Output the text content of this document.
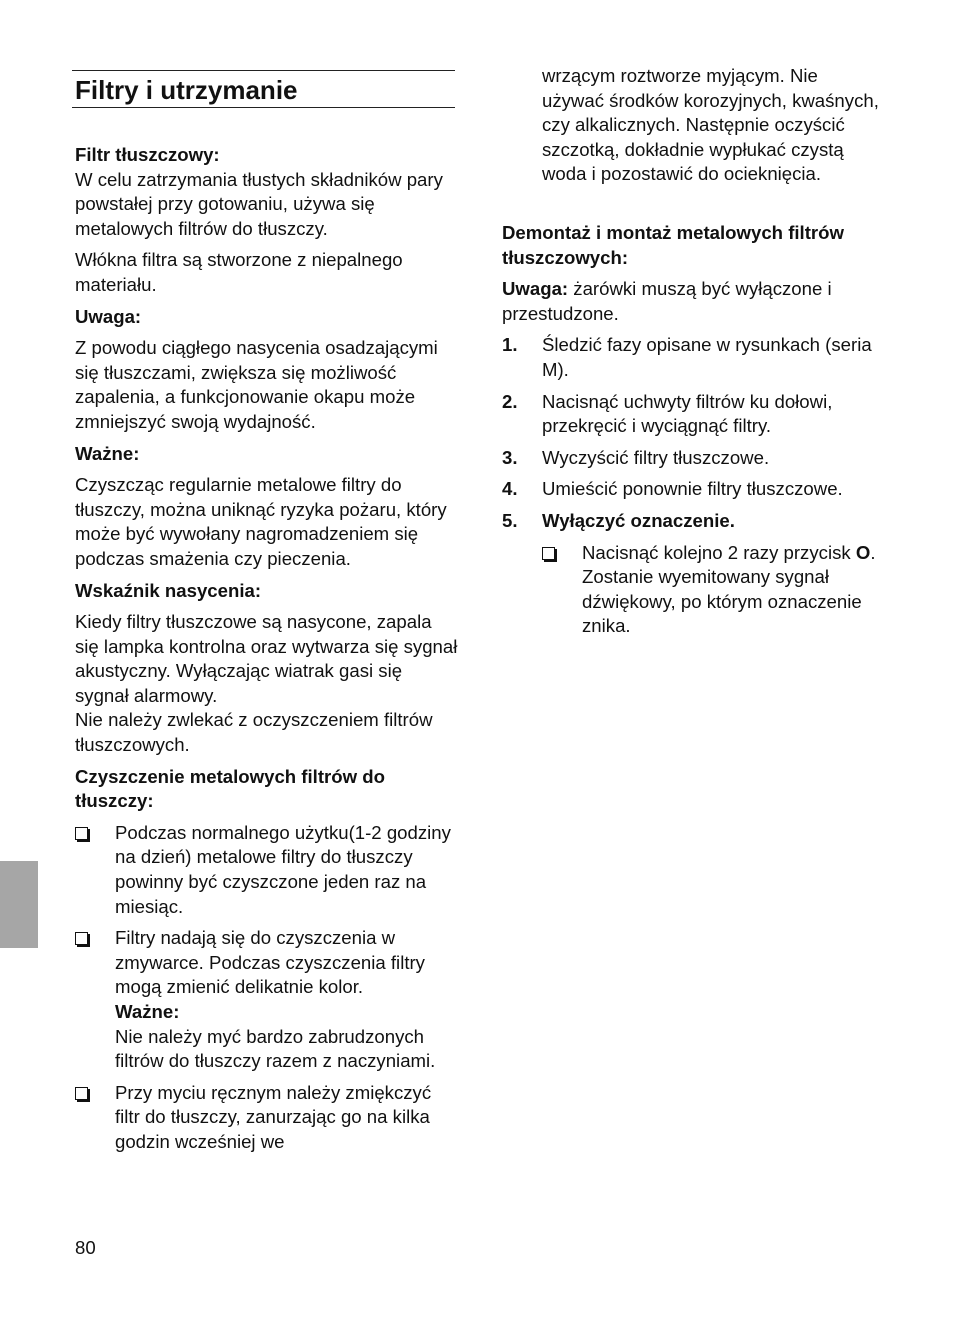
Filtry i utrzymanie

Filtr tłuszczowy:
W celu zatrzymania tłustych składników pary powstałej przy gotowaniu, używa się metalowych filtrów do tłuszczy.

Włókna filtra są stworzone z niepalnego materiału.

Uwaga:

Z powodu ciągłego nasycenia osadzającymi się tłuszczami, zwiększa się możliwość zapalenia, a funkcjonowanie okapu może zmniejszyć swoją wydajność.

Ważne:

Czyszcząc regularnie metalowe filtry do tłuszczy, można uniknąć ryzyka pożaru, który może być wywołany nagromadzeniem się podczas smażenia czy pieczenia.

Wskaźnik nasycenia:

Kiedy filtry tłuszczowe są nasycone, zapala się lampka kontrolna oraz wytwarza się sygnał akustyczny. Wyłączając wiatrak gasi się sygnał alarmowy.
Nie należy zwlekać z oczyszczeniem filtrów tłuszczowych.

Czyszczenie metalowych filtrów do tłuszczy:

Podczas normalnego użytku(1-2 godziny na dzień) metalowe filtry do tłuszczy powinny być czyszczone jeden raz na miesiąc.
Filtry nadają się do czyszczenia w zmywarce. Podczas czyszczenia filtry mogą zmienić delikatnie kolor.
Ważne:
Nie należy myć bardzo zabrudzonych filtrów do tłuszczy razem z naczyniami.
Przy myciu ręcznym należy zmiękczyć filtr do tłuszczy, zanurzając go na kilka godzin wcześniej we

wrzącym roztworze myjącym. Nie używać środków korozyjnych, kwaśnych, czy alkalicznych. Następnie oczyścić szczotką, dokładnie wypłukać czystą woda i pozostawić do ocieknięcia.

Demontaż i montaż metalowych filtrów tłuszczowych:

Uwaga: żarówki muszą być wyłączone i przestudzone.

1. Śledzić fazy opisane w rysunkach (seria M).
2. Nacisnąć uchwyty filtrów ku dołowi, przekręcić i wyciągnąć filtry.
3. Wyczyścić filtry tłuszczowe.
4. Umieścić ponownie filtry tłuszczowe.
5. Wyłączyć oznaczenie.
Nacisnąć kolejno 2 razy przycisk O. Zostanie wyemitowany sygnał dźwiękowy, po którym oznaczenie znika.
80
